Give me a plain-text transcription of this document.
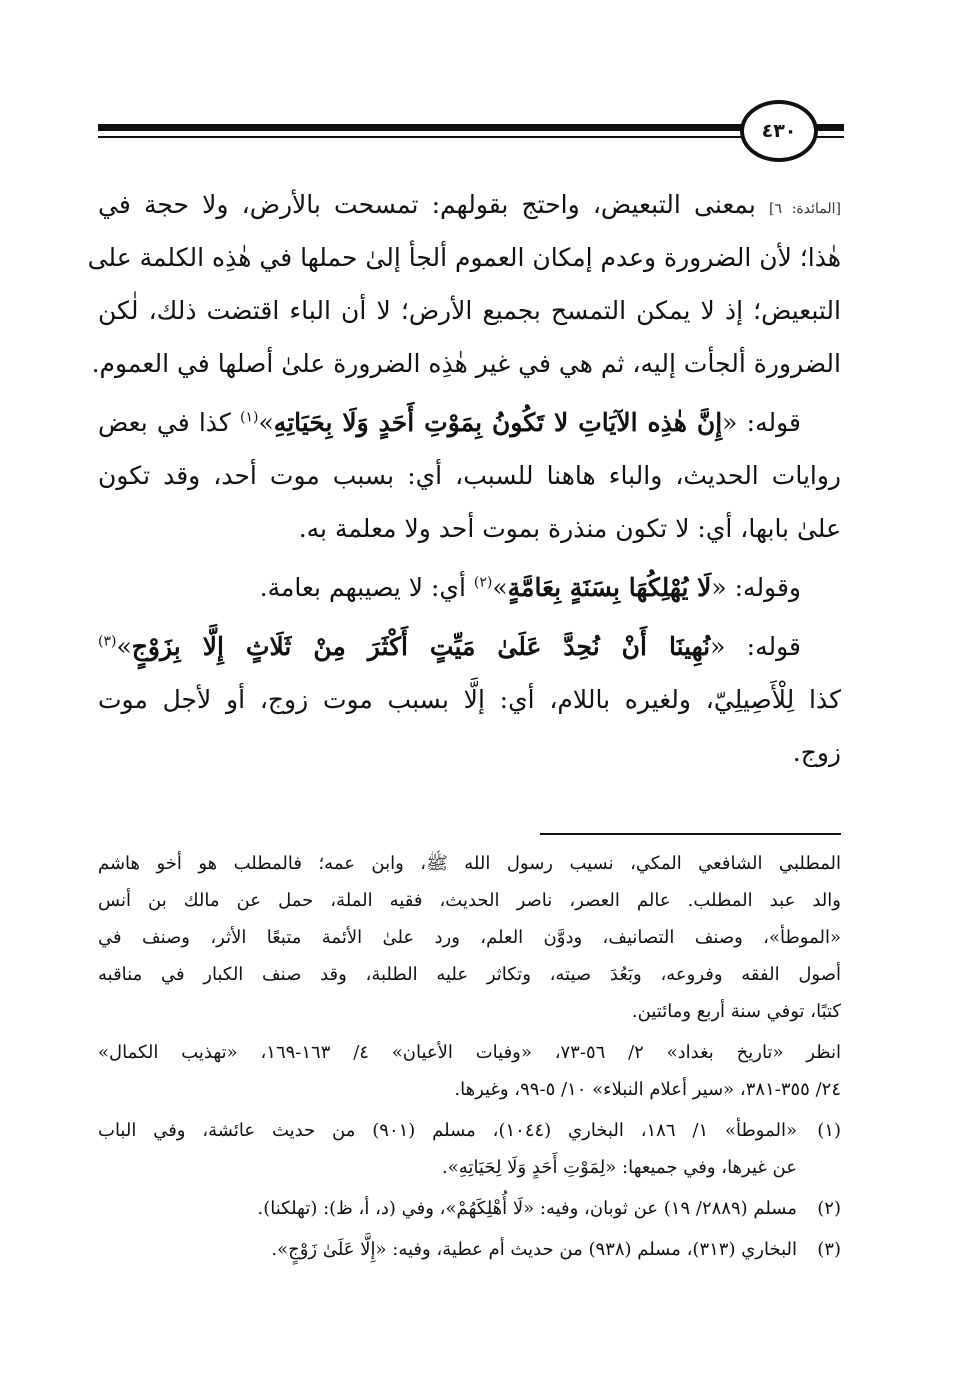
٤٣٠
[المائدة: ٦] بمعنى التبعيض، واحتج بقولهم: تمسحت بالأرض، ولا حجة في
هٰذا؛ لأن الضرورة وعدم إمكان العموم ألجأ إلىٰ حملها في هٰذِه الكلمة على
التبعيض؛ إذ لا يمكن التمسح بجميع الأرض؛ لا أن الباء اقتضت ذلك، لٰكن
الضرورة ألجأت إليه، ثم هي في غير هٰذِه الضرورة علىٰ أصلها في العموم.
قوله: «إِنَّ هٰذِه الآيَاتِ لا تَكُونُ بِمَوْتِ أَحَدٍ وَلَا بِحَيَاتِهِ»$^{(١)}$ كذا في بعض
روايات الحديث، والباء هاهنا للسبب، أي: بسبب موت أحد، وقد تكون
علىٰ بابها، أي: لا تكون منذرة بموت أحد ولا معلمة به.
وقوله: «لَا يُهْلِكُهَا بِسَنَةٍ بِعَامَّةٍ»$^{(٢)}$ أي: لا يصيبهم بعامة.
قوله: «نُهِينَا أَنْ نُحِدَّ عَلَىٰ مَيِّتٍ أَكْثَرَ مِنْ ثَلَاثٍ إِلَّا بِزَوْجٍ»$^{(٣)}$
كذا لِلْأَصِيلِيّ، ولغيره باللام، أي: إلَّا بسبب موت زوج، أو لأجل موت
زوج.
المطلبي الشافعي المكي، نسيب رسول الله ﷺ، وابن عمه؛ فالمطلب هو أخو هاشم
والد عبد المطلب. عالم العصر، ناصر الحديث، فقيه الملة، حمل عن مالك بن أنس
«الموطأ»، وصنف التصانيف، ودوَّن العلم، ورد علىٰ الأئمة متبعًا الأثر، وصنف في
أصول الفقه وفروعه، وبَعُدَ صيته، وتكاثر عليه الطلبة، وقد صنف الكبار في مناقبه
كتبًا، توفي سنة أربع ومائتين.
انظر «تاريخ بغداد» ٢/ ٥٦-٧٣، «وفيات الأعيان» ٤/ ١٦٣-١٦٩، «تهذيب الكمال»
٢٤/ ٣٥٥-٣٨١، «سير أعلام النبلاء» ١٠/ ٥-٩٩، وغيرها.
(١)
«الموطأ» ١/ ١٨٦، البخاري (١٠٤٤)، مسلم (٩٠١) من حديث عائشة، وفي الباب
عن غيرها، وفي جميعها: «لِمَوْتِ أَحَدٍ وَلَا لِحَيَاتِهِ».
(٢)
مسلم (٢٨٨٩/ ١٩) عن ثوبان، وفيه: «لَا أُهْلِكَهُمْ»، وفي (د، أ، ظ): (تهلكنا).
(٣)
البخاري (٣١٣)، مسلم (٩٣٨) من حديث أم عطية، وفيه: «إِلَّا عَلَىٰ زَوْجٍ».
